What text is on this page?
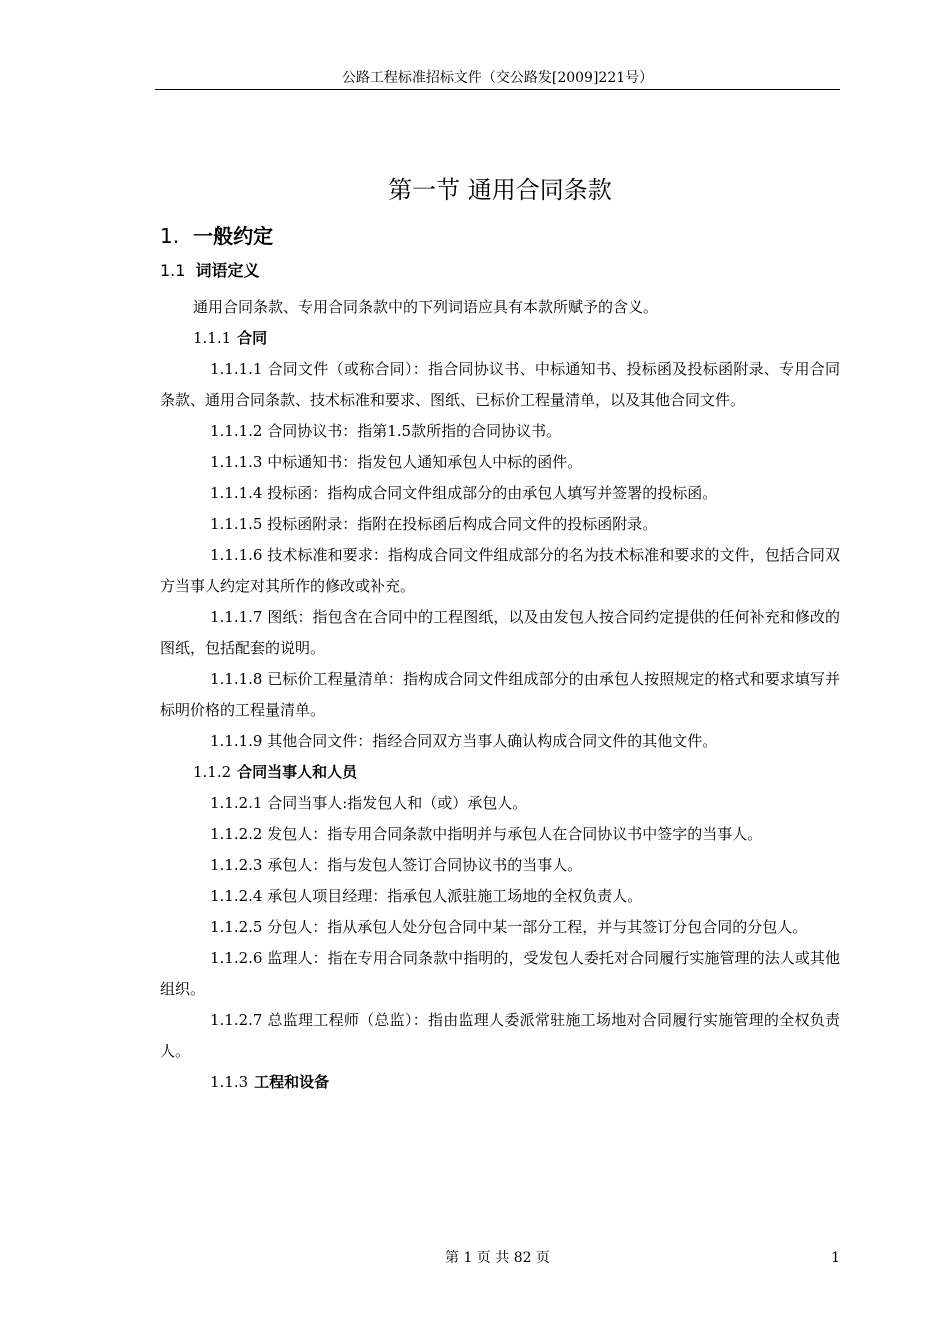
公路工程标准招标文件（交公路发[2009]221号）
第一节 通用合同条款
1. 一般约定
1.1 词语定义
通用合同条款、专用合同条款中的下列词语应具有本款所赋予的含义。
1.1.1 合同
1.1.1.1 合同文件（或称合同）：指合同协议书、中标通知书、投标函及投标函附录、专用合同条款、通用合同条款、技术标准和要求、图纸、已标价工程量清单，以及其他合同文件。
1.1.1.2 合同协议书：指第1.5款所指的合同协议书。
1.1.1.3 中标通知书：指发包人通知承包人中标的函件。
1.1.1.4 投标函：指构成合同文件组成部分的由承包人填写并签署的投标函。
1.1.1.5 投标函附录：指附在投标函后构成合同文件的投标函附录。
1.1.1.6 技术标准和要求：指构成合同文件组成部分的名为技术标准和要求的文件，包括合同双方当事人约定对其所作的修改或补充。
1.1.1.7 图纸：指包含在合同中的工程图纸，以及由发包人按合同约定提供的任何补充和修改的图纸，包括配套的说明。
1.1.1.8 已标价工程量清单：指构成合同文件组成部分的由承包人按照规定的格式和要求填写并标明价格的工程量清单。
1.1.1.9 其他合同文件：指经合同双方当事人确认构成合同文件的其他文件。
1.1.2 合同当事人和人员
1.1.2.1 合同当事人:指发包人和（或）承包人。
1.1.2.2 发包人：指专用合同条款中指明并与承包人在合同协议书中签字的当事人。
1.1.2.3 承包人：指与发包人签订合同协议书的当事人。
1.1.2.4 承包人项目经理：指承包人派驻施工场地的全权负责人。
1.1.2.5 分包人：指从承包人处分包合同中某一部分工程，并与其签订分包合同的分包人。
1.1.2.6 监理人：指在专用合同条款中指明的，受发包人委托对合同履行实施管理的法人或其他组织。
1.1.2.7 总监理工程师（总监）：指由监理人委派常驻施工场地对合同履行实施管理的全权负责人。
1.1.3 工程和设备
第 1 页 共 82 页	1
